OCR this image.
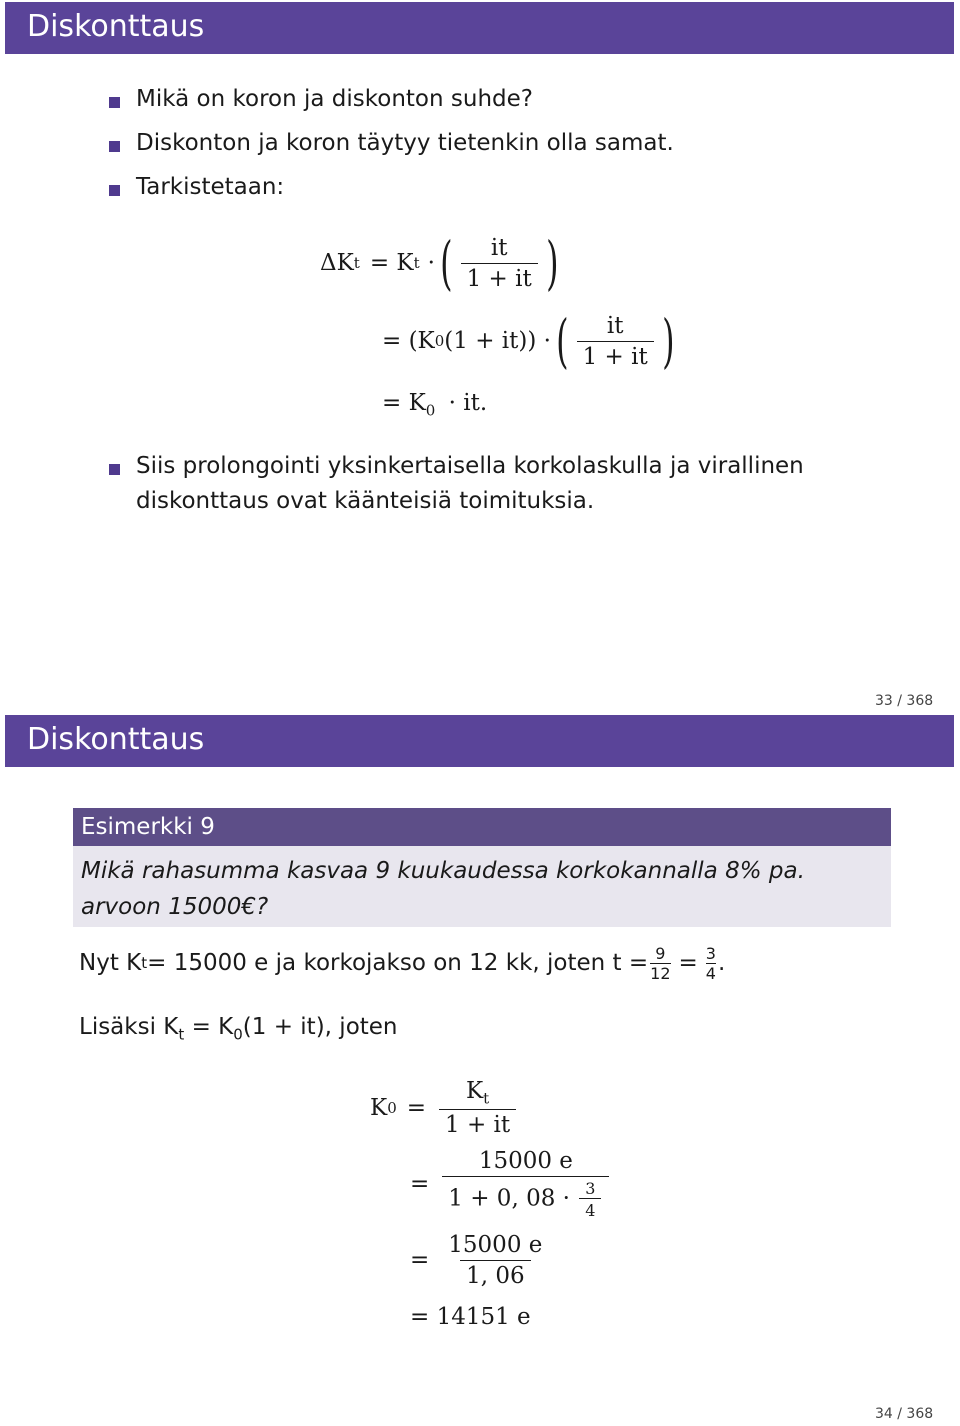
Diskonttaus
Mikä on koron ja diskonton suhde?
Diskonton ja koron täytyy tietenkin olla samat.
Tarkistetaan:
ΔK t = K t · ( $\frac{it}{1 + it}$ )
= (K 0 (1 + it)) · ( $\frac{it}{1 + it}$ )
= $K_0$ · it.
Siis prolongointi yksinkertaisella korkolaskulla ja virallinen
diskonttaus ovat käänteisiä toimituksia.
33 / 368
Diskonttaus
Esimerkki 9
Mikä rahasumma kasvaa 9 kuukaudessa korkokannalla 8% pa.
arvoon 15000€?
Nyt K t = 15000 e ja korkojakso on 12 kk, joten $t = \frac{9}{12} = \frac{3}{4}$ .
Lisäksi $K_t = K_0(1 + it)$, joten
K $0 = \frac{K_t}{1 + it}$
= $\frac{15000 e}{1 + 0, 08 \cdot \frac{3}{4}}$
= $\frac{15000 e}{1, 06}$
= 14151 e
34 / 368
